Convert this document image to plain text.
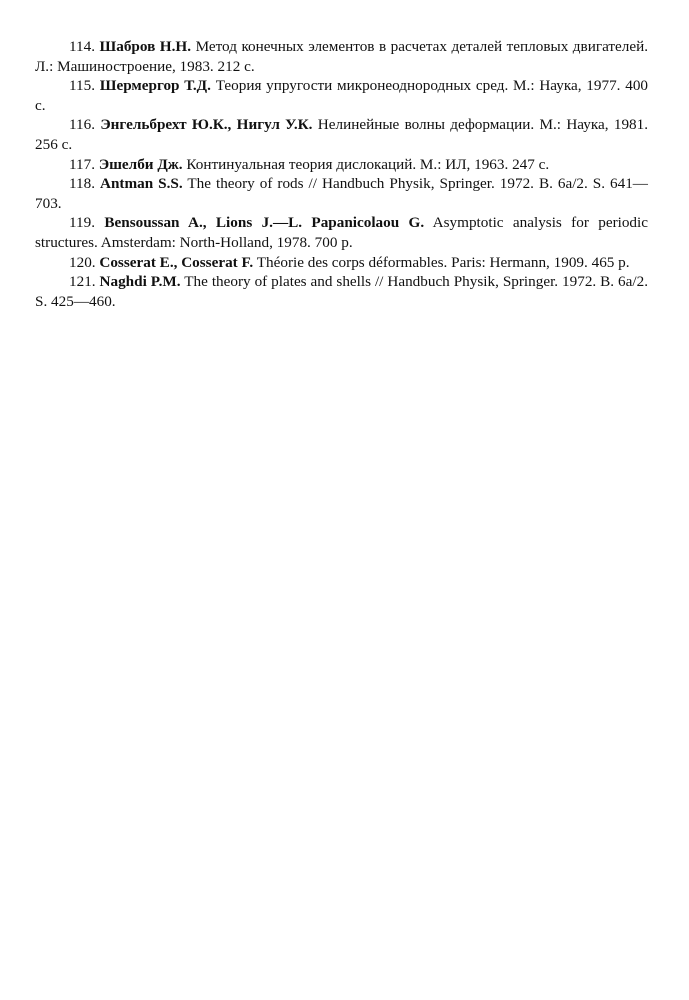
114. Шабров Н.Н. Метод конечных элементов в расчетах деталей тепловых двигателей. Л.: Машиностроение, 1983. 212 с.

115. Шермергор Т.Д. Теория упругости микронеоднородных сред. М.: Наука, 1977. 400 с.

116. Энгельбрехт Ю.К., Нигул У.К. Нелинейные волны деформации. М.: Наука, 1981. 256 с.

117. Эшелби Дж. Континуальная теория дислокаций. М.: ИЛ, 1963. 247 с.

118. Antman S.S. The theory of rods // Handbuch Physik, Springer. 1972. B. 6a/2. S. 641—703.

119. Bensoussan A., Lions J.—L. Papanicolaou G. Asymptotic analysis for periodic structures. Amsterdam: North-Holland, 1978. 700 p.

120. Cosserat E., Cosserat F. Théorie des corps déformables. Paris: Hermann, 1909. 465 p.

121. Naghdi P.M. The theory of plates and shells // Handbuch Physik, Springer. 1972. B. 6a/2. S. 425—460.
